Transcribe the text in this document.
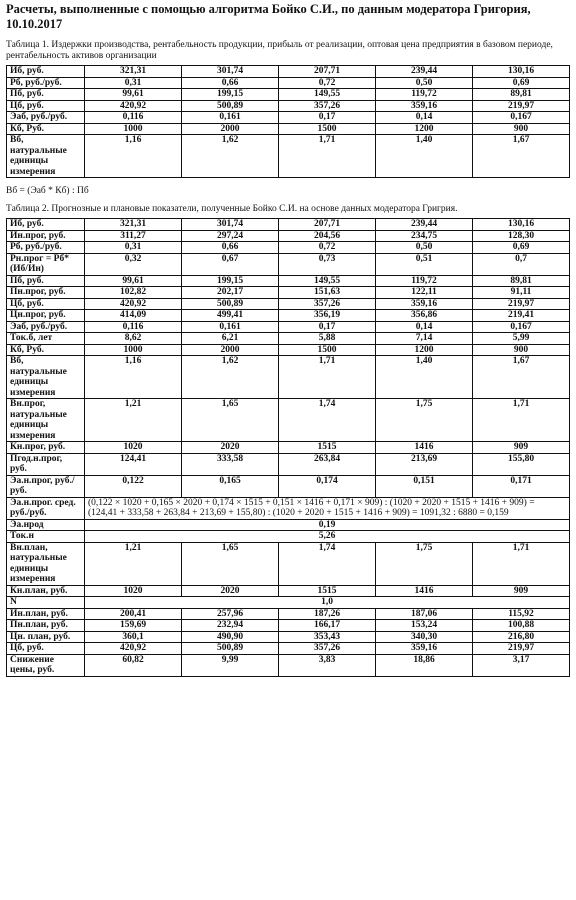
Расчеты, выполненные с помощью алгоритма Бойко С.И., по данным модератора Григория, 10.10.2017
Таблица 1. Издержки производства, рентабельность продукции, прибыль от реализации, оптовая цена предприятия в базовом периоде, рентабельность активов организации
Иб, руб.	321,31	301,74	207,71	239,44	130,16
Рб, руб./руб.	0,31	0,66	0,72	0,50	0,69
Пб, руб.	99,61	199,15	149,55	119,72	89,81
Цб, руб.	420,92	500,89	357,26	359,16	219,97
Эаб, руб./руб.	0,116	0,161	0,17	0,14	0,167
Кб, Руб.	1000	2000	1500	1200	900
Вб, натуральные единицы измерения	1,16	1,62	1,71	1,40	1,67
Вб = (Эаб * Кб) : Пб
Таблица 2. Прогнозные и плановые показатели, полученные Бойко С.И. на основе данных модератора Григрия.
Иб, руб.	321,31	301,74	207,71	239,44	130,16
Ин.прог, руб.	311,27	297,24	204,56	234,75	128,30
Рб, руб./руб.	0,31	0,66	0,72	0,50	0,69
Рн.прог = Рб* (Иб/Ин)	0,32	0,67	0,73	0,51	0,7
Пб, руб.	99,61	199,15	149,55	119,72	89,81
Пн.прог, руб.	102,82	202,17	151,63	122,11	91,11
Цб, руб.	420,92	500,89	357,26	359,16	219,97
Цн.прог, руб.	414,09	499,41	356,19	356,86	219,41
Эаб, руб./руб.	0,116	0,161	0,17	0,14	0,167
Ток.б, лет	8,62	6,21	5,88	7,14	5,99
Кб, Руб.	1000	2000	1500	1200	900
Вб, натуральные единицы измерения	1,16	1,62	1,71	1,40	1,67
Вн.прог, натуральные единицы измерения	1,21	1,65	1,74	1,75	1,71
Кн.прог, руб.	1020	2020	1515	1416	909
Пгод.н.прог, руб.	124,41	333,58	263,84	213,69	155,80
Эа.н.прог, руб./руб.	0,122	0,165	0,174	0,151	0,171
Эа.н.прог. сред. руб./руб.	(0,122 × 1020 + 0,165 × 2020 + 0,174 × 1515 + 0,151 × 1416 + 0,171 × 909) : (1020 + 2020 + 1515 + 1416 + 909) = (124,41 + 333,58 + 263,84 + 213,69 + 155,80) : (1020 + 2020 + 1515 + 1416 + 909) = 1091,32 : 6880 = 0,159				
Эа.нрод	0,19				
Ток.н	5,26				
Вн.план, натуральные единицы измерения	1,21	1,65	1,74	1,75	1,71
Кн.план, руб.	1020	2020	1515	1416	909
N	1,0				
Ин.план, руб.	200,41	257,96	187,26	187,06	115,92
Пн.план, руб.	159,69	232,94	166,17	153,24	100,88
Цн. план, руб.	360,1	490,90	353,43	340,30	216,80
Цб, руб.	420,92	500,89	357,26	359,16	219,97
Снижение цены, руб.	60,82	9,99	3,83	18,86	3,17
